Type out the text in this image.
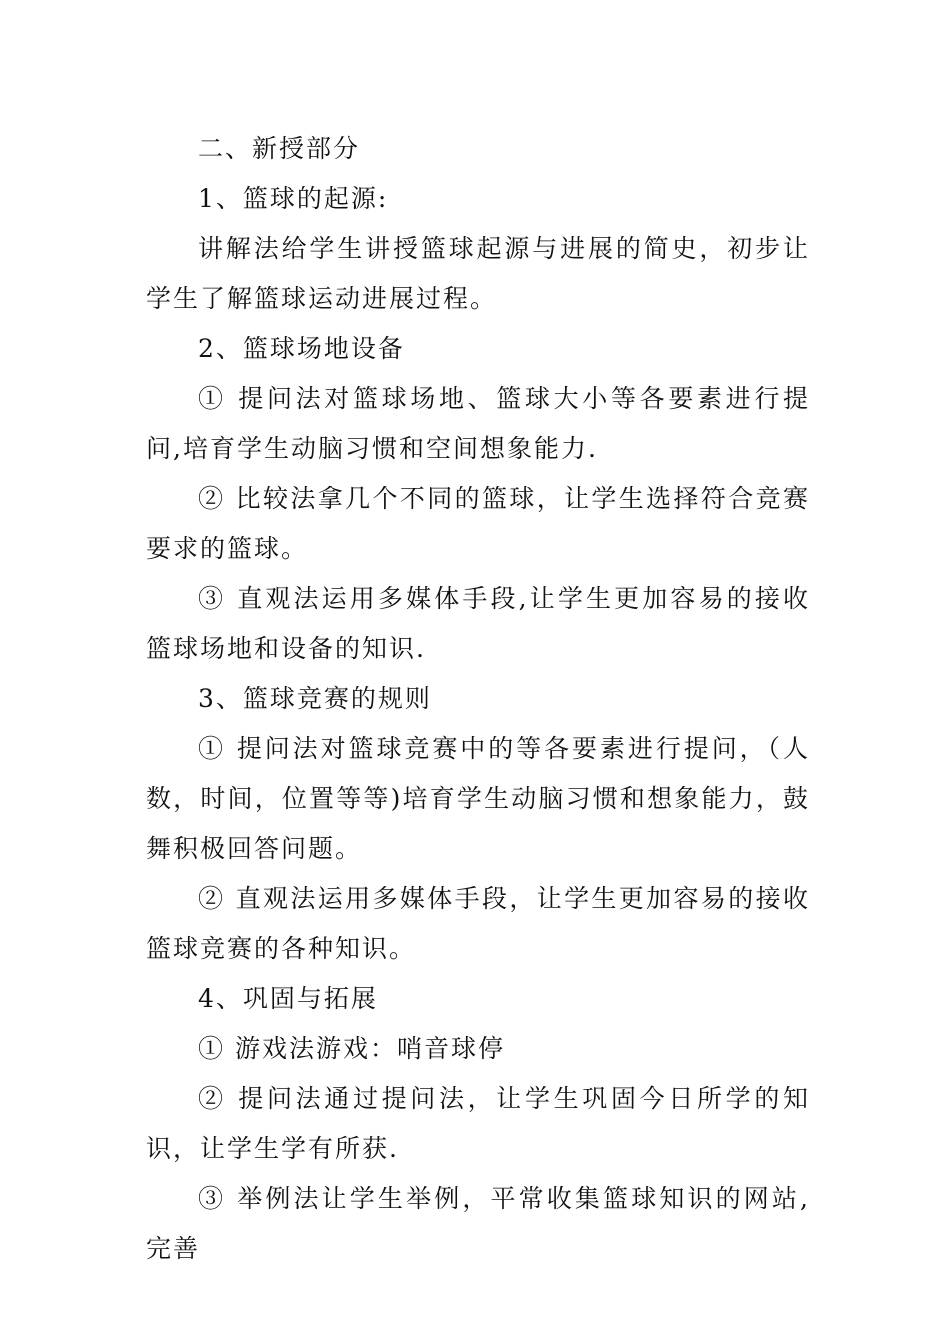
二、新授部分

1、篮球的起源:

讲解法给学生讲授篮球起源与进展的简史，初步让学生了解篮球运动进展过程。

2、篮球场地设备

① 提问法对篮球场地、篮球大小等各要素进行提问,培育学生动脑习惯和空间想象能力.

② 比较法拿几个不同的篮球，让学生选择符合竞赛要求的篮球。

③ 直观法运用多媒体手段,让学生更加容易的接收篮球场地和设备的知识.

3、篮球竞赛的规则

① 提问法对篮球竞赛中的等各要素进行提问，（人数，时间，位置等等)培育学生动脑习惯和想象能力，鼓舞积极回答问题。

② 直观法运用多媒体手段，让学生更加容易的接收篮球竞赛的各种知识。

4、巩固与拓展

① 游戏法游戏：哨音球停

② 提问法通过提问法，让学生巩固今日所学的知识，让学生学有所获.

③ 举例法让学生举例，平常收集篮球知识的网站,完善
